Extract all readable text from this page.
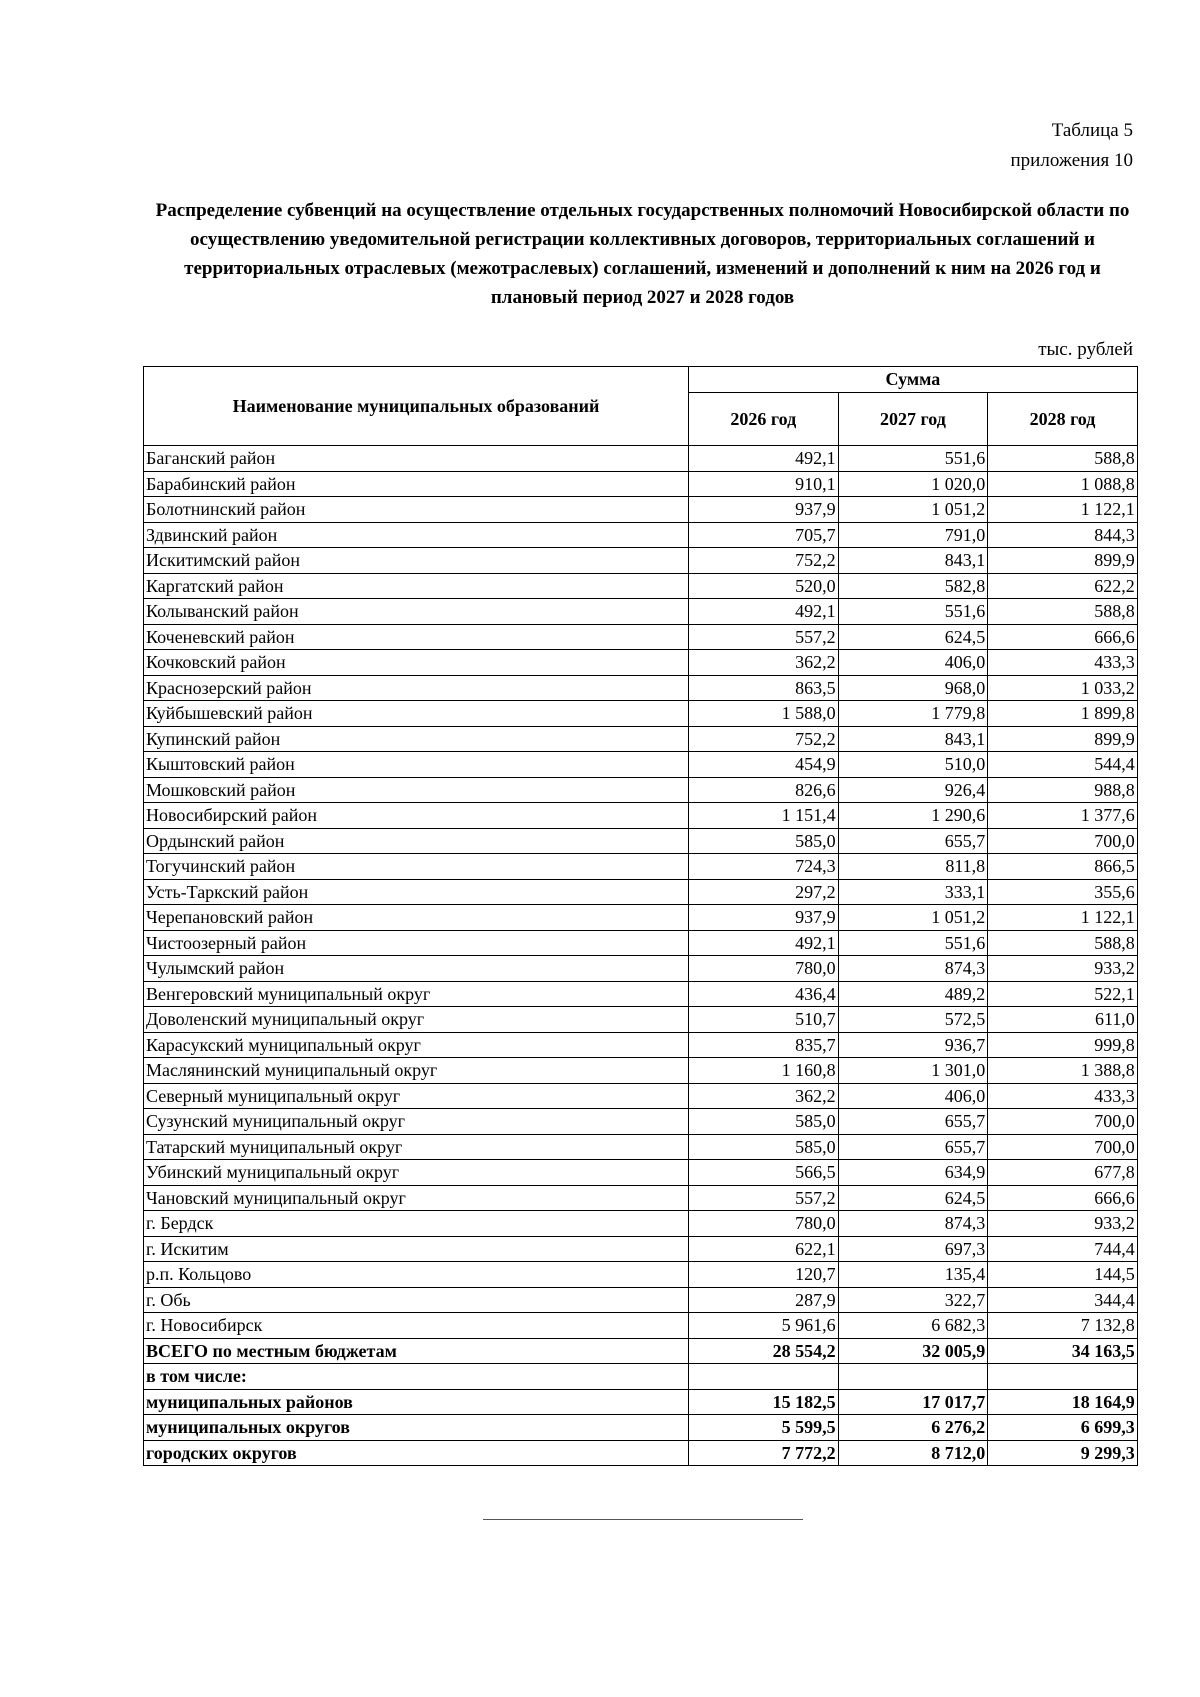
Таблица 5
приложения 10
Распределение субвенций на осуществление отдельных государственных полномочий Новосибирской области по осуществлению уведомительной регистрации коллективных договоров, территориальных соглашений и территориальных отраслевых (межотраслевых) соглашений, изменений и дополнений к ним на 2026 год и плановый период 2027 и 2028 годов
тыс. рублей
Наименование муниципальных образований	Сумма		
	2026 год	2027 год	2028 год
Баганский район	492,1	551,6	588,8
Барабинский район	910,1	1 020,0	1 088,8
Болотнинский район	937,9	1 051,2	1 122,1
Здвинский район	705,7	791,0	844,3
Искитимский район	752,2	843,1	899,9
Каргатский район	520,0	582,8	622,2
Колыванский район	492,1	551,6	588,8
Коченевский район	557,2	624,5	666,6
Кочковский район	362,2	406,0	433,3
Краснозерский район	863,5	968,0	1 033,2
Куйбышевский район	1 588,0	1 779,8	1 899,8
Купинский район	752,2	843,1	899,9
Кыштовский район	454,9	510,0	544,4
Мошковский район	826,6	926,4	988,8
Новосибирский район	1 151,4	1 290,6	1 377,6
Ордынский район	585,0	655,7	700,0
Тогучинский район	724,3	811,8	866,5
Усть-Таркский район	297,2	333,1	355,6
Черепановский район	937,9	1 051,2	1 122,1
Чистоозерный район	492,1	551,6	588,8
Чулымский район	780,0	874,3	933,2
Венгеровский муниципальный округ	436,4	489,2	522,1
Доволенский муниципальный округ	510,7	572,5	611,0
Карасукский муниципальный округ	835,7	936,7	999,8
Маслянинский муниципальный округ	1 160,8	1 301,0	1 388,8
Северный муниципальный округ	362,2	406,0	433,3
Сузунский муниципальный округ	585,0	655,7	700,0
Татарский муниципальный округ	585,0	655,7	700,0
Убинский муниципальный округ	566,5	634,9	677,8
Чановский муниципальный округ	557,2	624,5	666,6
г. Бердск	780,0	874,3	933,2
г. Искитим	622,1	697,3	744,4
р.п. Кольцово	120,7	135,4	144,5
г. Обь	287,9	322,7	344,4
г. Новосибирск	5 961,6	6 682,3	7 132,8
ВСЕГО по местным бюджетам	28 554,2	32 005,9	34 163,5
в том числе:			
муниципальных районов	15 182,5	17 017,7	18 164,9
муниципальных округов	5 599,5	6 276,2	6 699,3
городских округов	7 772,2	8 712,0	9 299,3
